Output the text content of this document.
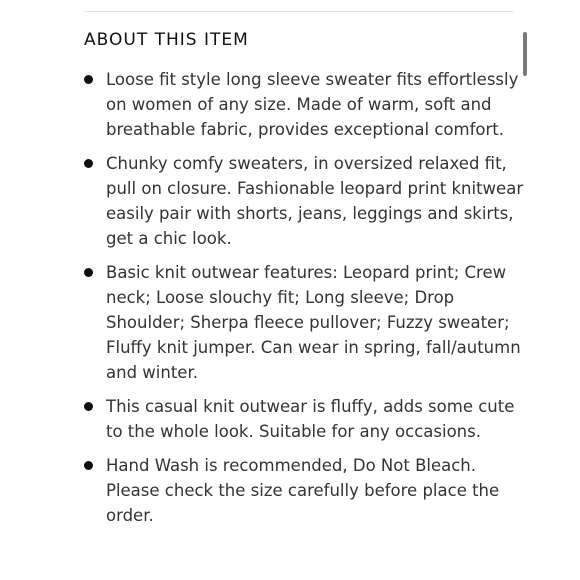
ABOUT THIS ITEM
Loose fit style long sleeve sweater fits effortlessly on women of any size. Made of warm, soft and breathable fabric, provides exceptional comfort.
Chunky comfy sweaters, in oversized relaxed fit, pull on closure. Fashionable leopard print knitwear easily pair with shorts, jeans, leggings and skirts, get a chic look.
Basic knit outwear features: Leopard print; Crew neck; Loose slouchy fit; Long sleeve; Drop Shoulder; Sherpa fleece pullover; Fuzzy sweater; Fluffy knit jumper. Can wear in spring, fall/autumn and winter.
This casual knit outwear is fluffy, adds some cute to the whole look. Suitable for any occasions.
Hand Wash is recommended, Do Not Bleach. Please check the size carefully before place the order.
